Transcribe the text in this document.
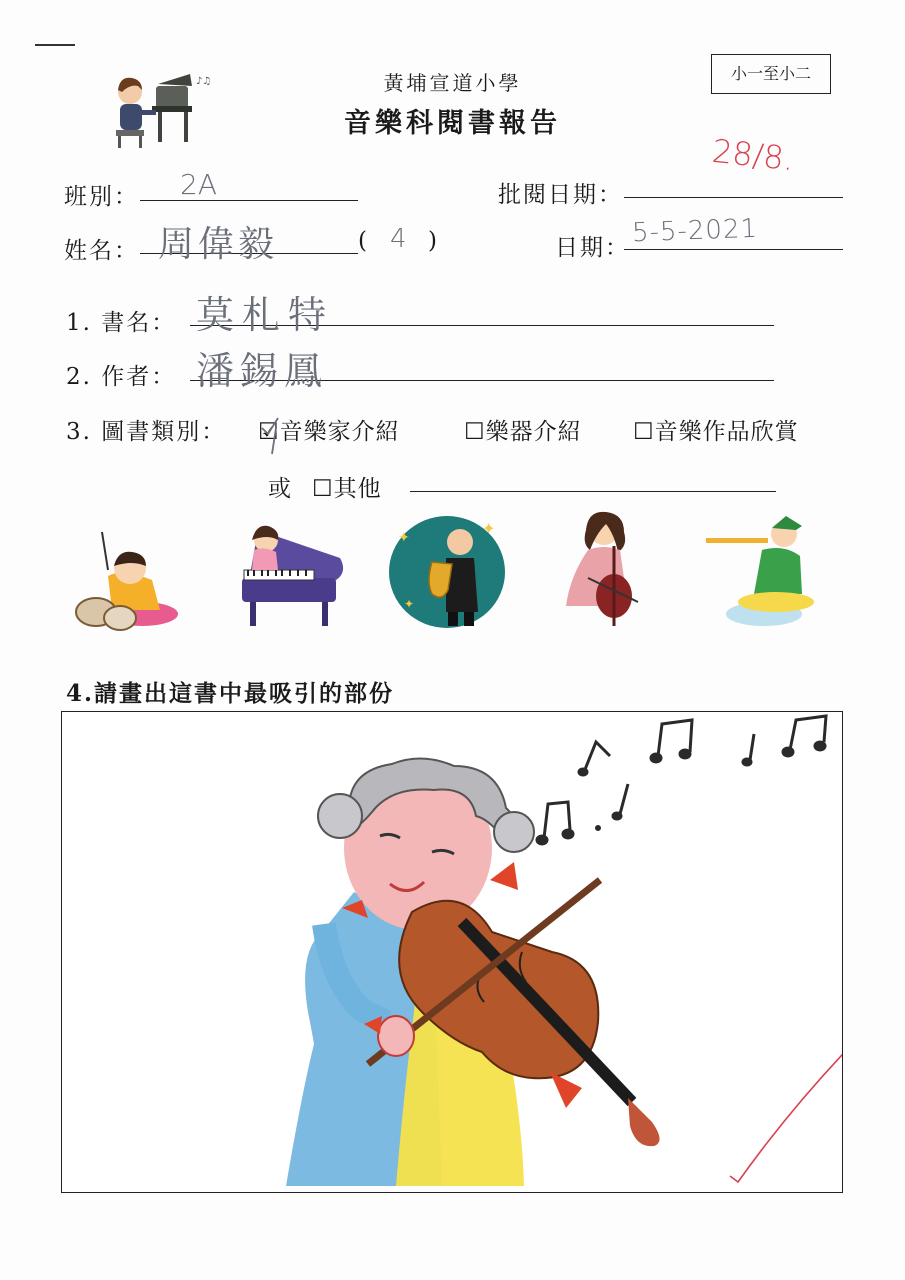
♪♫	黃埔宣道小學
音樂科閱書報告
小一至小二
28/8.
班別： 2A	批閱日期：
姓名： 周偉毅	( 4 )	日期： 5-5-2021
1. 書名： 莫札特
2. 作者： 潘錫鳳
3. 圖書類別： ☑音樂家介紹	☐樂器介紹 ☐音樂作品欣賞
或 ☐其他
✦	✦
✦
4.請畫出這書中最吸引的部份
